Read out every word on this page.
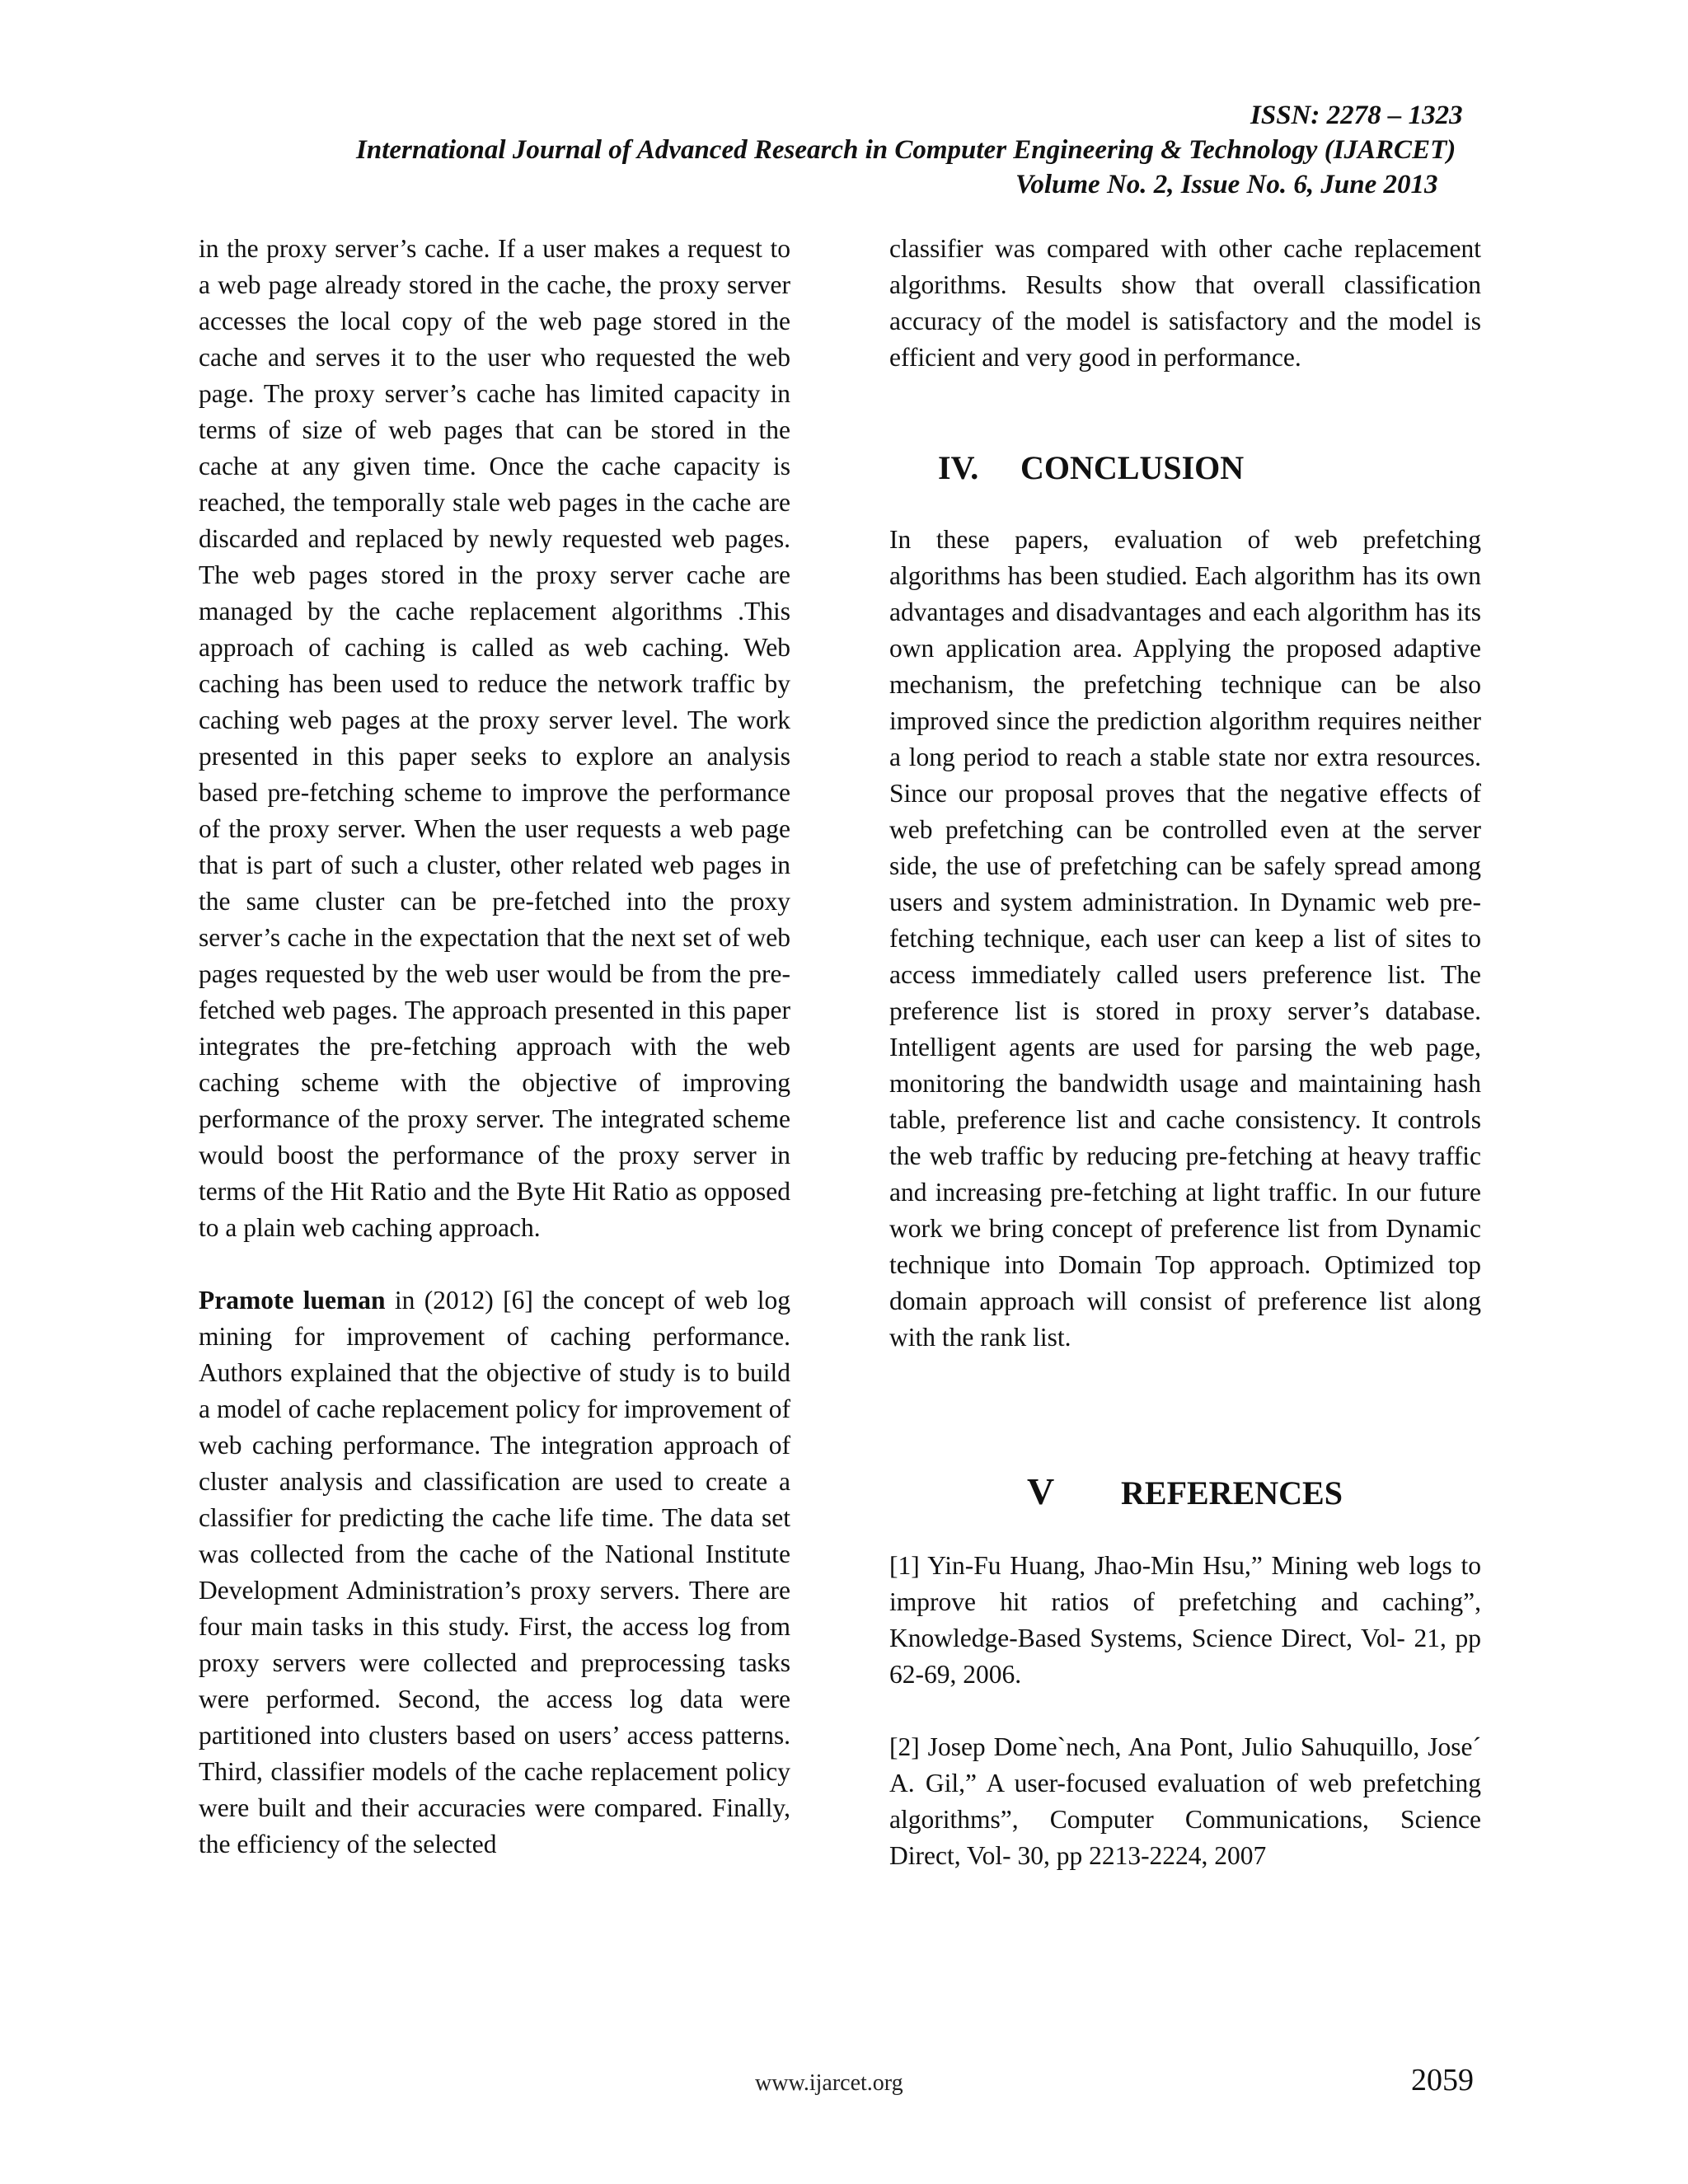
ISSN: 2278 – 1323
International Journal of Advanced Research in Computer Engineering & Technology (IJARCET)
Volume No. 2, Issue No. 6, June 2013

in the proxy server’s cache. If a user makes a request to a web page already stored in the cache, the proxy server accesses the local copy of the web page stored in the cache and serves it to the user who requested the web page. The proxy server’s cache has limited capacity in terms of size of web pages that can be stored in the cache at any given time. Once the cache capacity is reached, the temporally stale web pages in the cache are discarded and replaced by newly requested web pages. The web pages stored in the proxy server cache are managed by the cache replacement algorithms .This approach of caching is called as web caching. Web caching has been used to reduce the network traffic by caching web pages at the proxy server level. The work presented in this paper seeks to explore an analysis based pre-fetching scheme to improve the performance of the proxy server. When the user requests a web page that is part of such a cluster, other related web pages in the same cluster can be pre-fetched into the proxy server’s cache in the expectation that the next set of web pages requested by the web user would be from the pre-fetched web pages. The approach presented in this paper integrates the pre-fetching approach with the web caching scheme with the objective of improving performance of the proxy server. The integrated scheme would boost the performance of the proxy server in terms of the Hit Ratio and the Byte Hit Ratio as opposed to a plain web caching approach.

Pramote lueman in (2012) [6] the concept of web log mining for improvement of caching performance. Authors explained that the objective of study is to build a model of cache replacement policy for improvement of web caching performance. The integration approach of cluster analysis and classification are used to create a classifier for predicting the cache life time. The data set was collected from the cache of the National Institute Development Administration’s proxy servers. There are four main tasks in this study. First, the access log from proxy servers were collected and preprocessing tasks were performed. Second, the access log data were partitioned into clusters based on users’ access patterns. Third, classifier models of the cache replacement policy were built and their accuracies were compared. Finally, the efficiency of the selected

classifier was compared with other cache replacement algorithms. Results show that overall classification accuracy of the model is satisfactory and the model is efficient and very good in performance.

IV. CONCLUSION

In these papers, evaluation of web prefetching algorithms has been studied. Each algorithm has its own advantages and disadvantages and each algorithm has its own application area. Applying the proposed adaptive mechanism, the prefetching technique can be also improved since the prediction algorithm requires neither a long period to reach a stable state nor extra resources. Since our proposal proves that the negative effects of web prefetching can be controlled even at the server side, the use of prefetching can be safely spread among users and system administration. In Dynamic web pre-fetching technique, each user can keep a list of sites to access immediately called users preference list. The preference list is stored in proxy server’s database. Intelligent agents are used for parsing the web page, monitoring the bandwidth usage and maintaining hash table, preference list and cache consistency. It controls the web traffic by reducing pre-fetching at heavy traffic and increasing pre-fetching at light traffic. In our future work we bring concept of preference list from Dynamic technique into Domain Top approach. Optimized top domain approach will consist of preference list along with the rank list.

V REFERENCES

[1] Yin-Fu Huang, Jhao-Min Hsu,” Mining web logs to improve hit ratios of prefetching and caching”, Knowledge-Based Systems, Science Direct, Vol- 21, pp 62-69, 2006.

[2] Josep Dome`nech, Ana Pont, Julio Sahuquillo, Jose´ A. Gil,” A user-focused evaluation of web prefetching algorithms”, Computer Communications, Science Direct, Vol- 30, pp 2213-2224, 2007

www.ijarcet.org	2059
